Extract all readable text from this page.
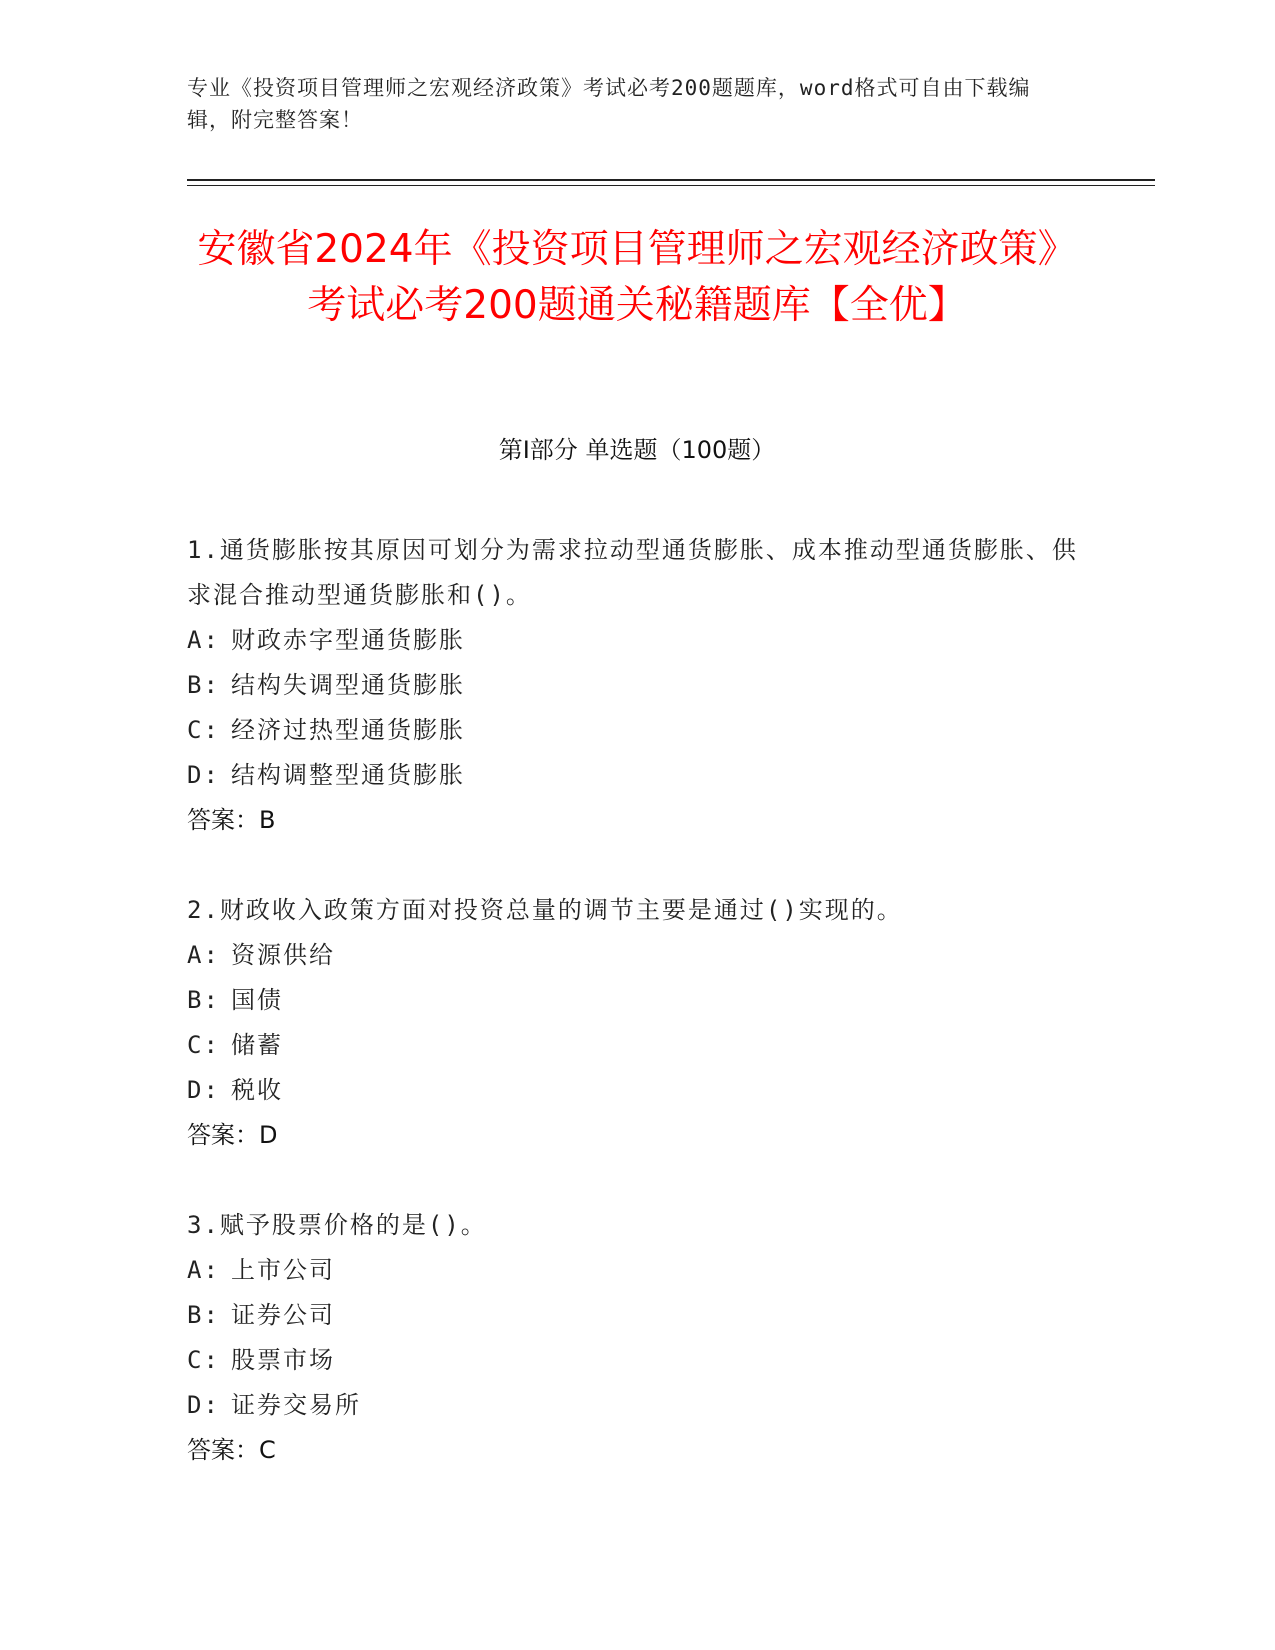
专业《投资项目管理师之宏观经济政策》考试必考200题题库，word格式可自由下载编辑，附完整答案！
安徽省2024年《投资项目管理师之宏观经济政策》考试必考200题通关秘籍题库【全优】
第I部分 单选题（100题）

1.通货膨胀按其原因可划分为需求拉动型通货膨胀、成本推动型通货膨胀、供求混合推动型通货膨胀和()。

A: 财政赤字型通货膨胀

B: 结构失调型通货膨胀

C: 经济过热型通货膨胀

D: 结构调整型通货膨胀

答案：B

2.财政收入政策方面对投资总量的调节主要是通过()实现的。

A: 资源供给

B: 国债

C: 储蓄

D: 税收

答案：D

3.赋予股票价格的是()。

A: 上市公司

B: 证券公司

C: 股票市场

D: 证券交易所

答案：C
